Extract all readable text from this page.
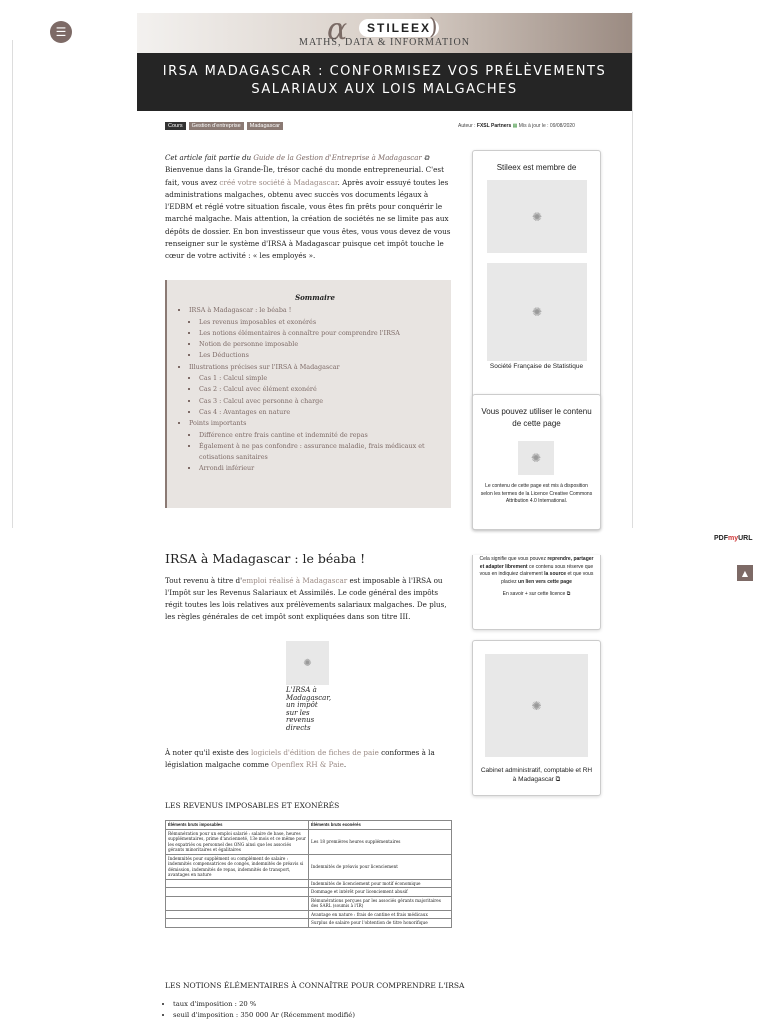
☰	α	STILEEX
)
MATHS, DATA & INFORMATION
IRSA MADAGASCAR : CONFORMISEZ VOS PRÉLÈVEMENTS SALARIAUX AUX LOIS MALGACHES
Cours	Gestion d'entreprise	Madagascar	Auteur : FXSL Partners ▦ Mis à jour le : 09/08/2020
Cet article fait partie du Guide de la Gestion d'Entreprise à Madagascar ⧉
Bienvenue dans la Grande-Île, trésor caché du monde entrepreneurial. C'est fait, vous avez créé votre société à Madagascar. Après avoir essuyé toutes les administrations malgaches, obtenu avec succès vos documents légaux à l'EDBM et réglé votre situation fiscale, vous êtes fin prêts pour conquérir le marché malgache. Mais attention, la création de sociétés ne se limite pas aux dépôts de dossier. En bon investisseur que vous êtes, vous vous devez de vous renseigner sur le système d'IRSA à Madagascar puisque cet impôt touche le cœur de votre activité : « les employés ».
Sommaire
▪ IRSA à Madagascar : le béaba !
▪ Les revenus imposables et exonérés
▪ Les notions élémentaires à connaître pour comprendre l'IRSA
▪ Notion de personne imposable
▪ Les Déductions
▪ Illustrations précises sur l'IRSA à Madagascar
▪ Cas 1 : Calcul simple
▪ Cas 2 : Calcul avec élément exonéré
▪ Cas 3 : Calcul avec personne à charge
▪ Cas 4 : Avantages en nature
▪ Points importants
▪ Différence entre frais cantine et indemnité de repas
▪ Également à ne pas confondre : assurance maladie, frais médicaux et cotisations sanitaires
▪ Arrondi inférieur
Stileex est membre de
✺
✺
Société Française de Statistique
Vous pouvez utiliser le contenu de cette page
✺
Le contenu de cette page est mis à disposition selon les termes de la Licence Creative Commons Attribution 4.0 International.
Cela signifie que vous pouvez reprendre, partager et adapter librement ce contenu sous réserve que vous en indiquiez clairement la source et que vous placiez un lien vers cette page
En savoir + sur cette licence ⧉
✺
Cabinet administratif, comptable et RH à Madagascar ⧉
PDFmyURL
▲
IRSA à Madagascar : le béaba !
Tout revenu à titre d'emploi réalisé à Madagascar est imposable à l'IRSA ou l'Impôt sur les Revenus Salariaux et Assimilés. Le code général des impôts régit toutes les lois relatives aux prélèvements salariaux malgaches. De plus, les règles générales de cet impôt sont expliquées dans son titre III.
✺
L'IRSA à Madagascar, un impôt sur les revenus directs
À noter qu'il existe des logiciels d'édition de fiches de paie conformes à la législation malgache comme Openflex RH & Paie.
LES REVENUS IMPOSABLES ET EXONÉRÉS
Éléments bruts imposables	Éléments bruts exonérés
Rémunération pour un emploi salarié : salaire de base, heures supplémentaires, prime d'ancienneté, 13e mois et ce même pour les expatriés ou personnel des ONG ainsi que les associés gérants minoritaires et égalitaires	Les 18 premières heures supplémentaires
Indemnités pour supplément ou complément de salaire : indemnités compensatrices de congés, indemnités de préavis si démission, indemnités de repas, indemnités de transport, avantages en nature	Indemnités de préavis pour licenciement
	Indemnités de licenciement pour motif économique
	Dommage et intérêt pour licenciement abusif
	Rémunérations perçues par les associés gérants majoritaires des SARL (soumis à l'IR)
	Avantage en nature : frais de cantine et frais médicaux
	Surplus de salaire pour l'obtention de titre honorifique
LES NOTIONS ÉLÉMENTAIRES À CONNAÎTRE POUR COMPRENDRE L'IRSA
• taux d'imposition : 20 %
• seuil d'imposition : 350 000 Ar (Récemment modifié)
